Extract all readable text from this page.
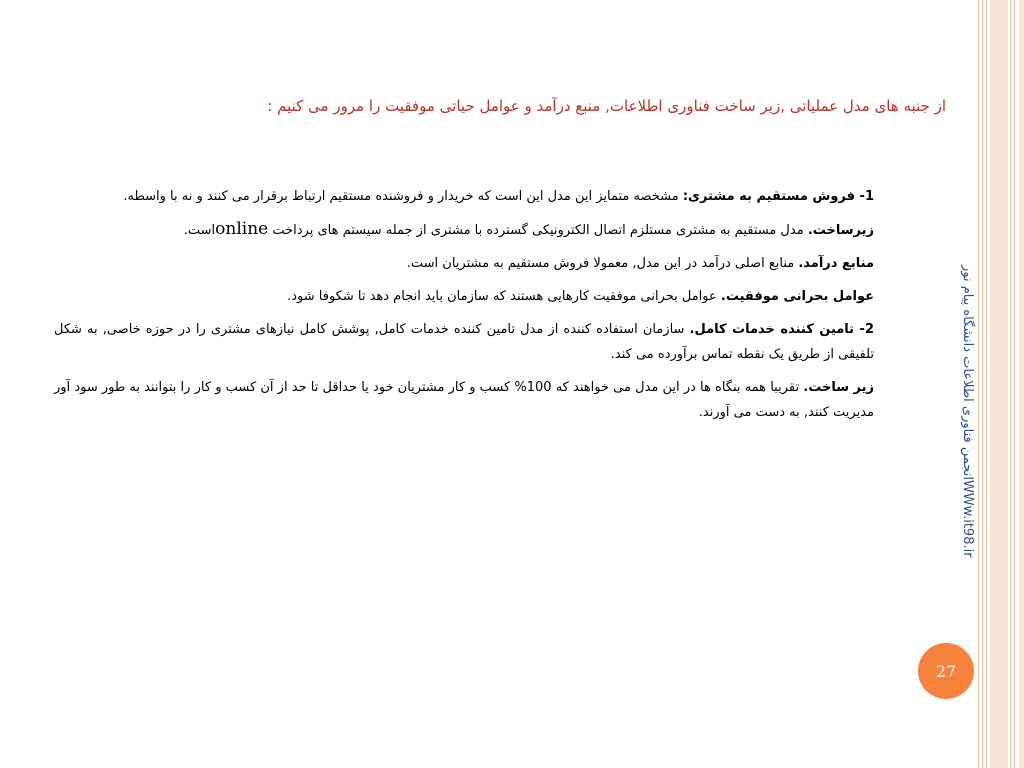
از جنبه های مدل عملیاتی ,زیر ساخت فناوری اطلاعات, منبع درآمد و عوامل حیاتی موفقیت را مرور می کنیم :

1- فروش مستقیم به مشتری: مشخصه متمایز این مدل این است که خریدار و فروشنده مستقیم ارتباط برقرار می کنند و نه با واسطه.

زیرساخت. مدل مستقیم به مشتری مستلزم اتصال الکترونیکی گسترده با مشتری از جمله سیستم های پرداخت onlineاست.

منابع درآمد. منابع اصلی درآمد در این مدل, معمولا فروش مستقیم به مشتریان است.

عوامل بحرانی موفقیت. عوامل بحرانی موفقیت کارهایی هستند که سازمان باید انجام دهد تا شکوفا شود.

2- تامین کننده خدمات کامل. سازمان استفاده کننده از مدل تامین کننده خدمات کامل, پوشش کامل نیازهای مشتری را در حوزه خاصی, به شکل تلفیقی از طریق یک نقطه تماس برآورده می کند.

زیر ساخت. تقریبا همه بنگاه ها در این مدل می خواهند که 100% کسب و کار مشتریان خود یا حداقل تا حد از آن کسب و کار را بتوانند به طور سود آور مدیریت کنند, به دست می آورند.	WWw.it98.irانجمن فناوری اطلاعات دانشگاه پیام نور
27
